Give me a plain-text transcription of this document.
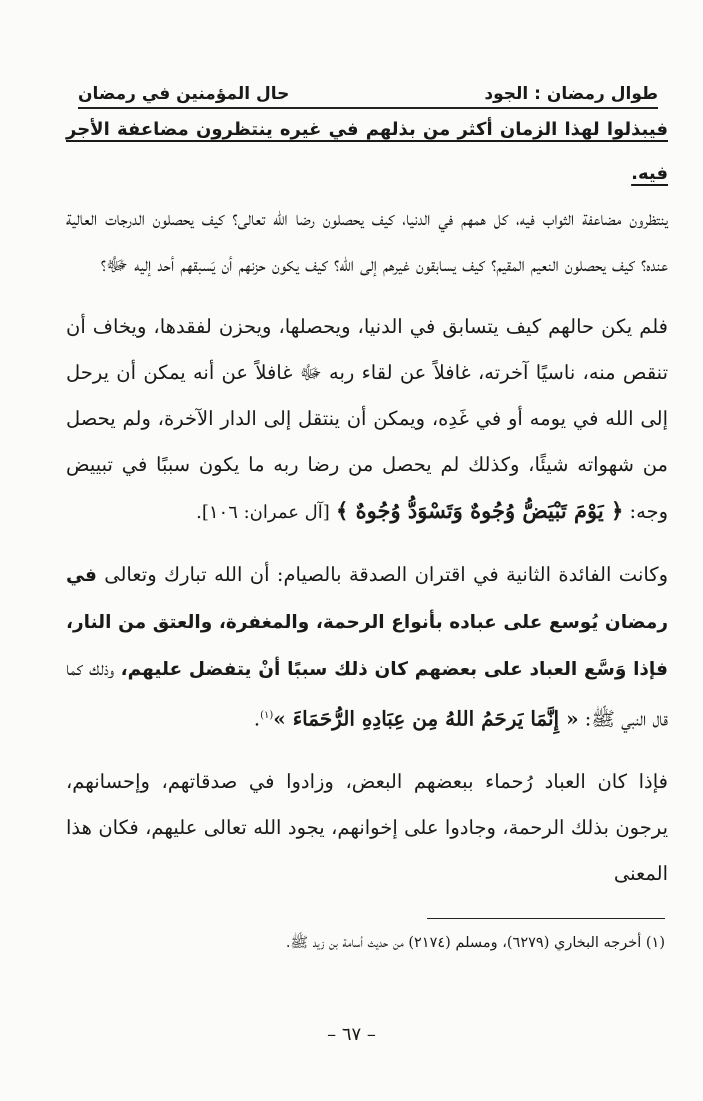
طوال رمضان : الجود
حال المؤمنين في رمضان

فيبذلوا لهذا الزمان أكثر من بذلهم في غيره ينتظرون مضاعفة الأجر فيه.

ينتظرون مضاعفة الثواب فيه، كل همهم في الدنيا، كيف يحصلون رضا الله تعالى؟ كيف يحصلون الدرجات العالية عنده؟ كيف يحصلون النعيم المقيم؟ كيف يسابقون غيرهم إلى الله؟ كيف يكون حزنهم أن يَسبقهم أحد إليه ﷻ؟

فلم يكن حالهم كيف يتسابق في الدنيا، ويحصلها، ويحزن لفقدها، ويخاف أن تنقص منه، ناسيًا آخرته، غافلاً عن لقاء ربه ﷻ غافلاً عن أنه يمكن أن يرحل إلى الله في يومه أو في غَدِه، ويمكن أن ينتقل إلى الدار الآخرة، ولم يحصل من شهواته شيئًا، وكذلك لم يحصل من رضا ربه ما يكون سببًا في تبييض وجه: ﴿ يَوْمَ تَبْيَضُّ وُجُوهٌ وَتَسْوَدُّ وُجُوهٌ ﴾ [آل عمران: ١٠٦].

وكانت الفائدة الثانية في اقتران الصدقة بالصيام: أن الله تبارك وتعالى في رمضان يُوسع على عباده بأنواع الرحمة، والمغفرة، والعتق من النار، فإذا وَسَّع العباد على بعضهم كان ذلك سببًا أنْ يتفضل عليهم، وذلك كما قال النبي ﷺ: « إِنَّمَا يَرحَمُ اللهُ مِن عِبَادِهِ الرُّحَمَاءَ »$^{(١)}$.

فإذا كان العباد رُحماء ببعضهم البعض، وزادوا في صدقاتهم، وإحسانهم، يرجون بذلك الرحمة، وجادوا على إخوانهم، يجود الله تعالى عليهم، فكان هذا المعنى

(١) أخرجه البخاري (٦٢٧٩)، ومسلم (٢١٧٤) من حديث أسامة بن زيد ﷺ.
– ٦٧ –
